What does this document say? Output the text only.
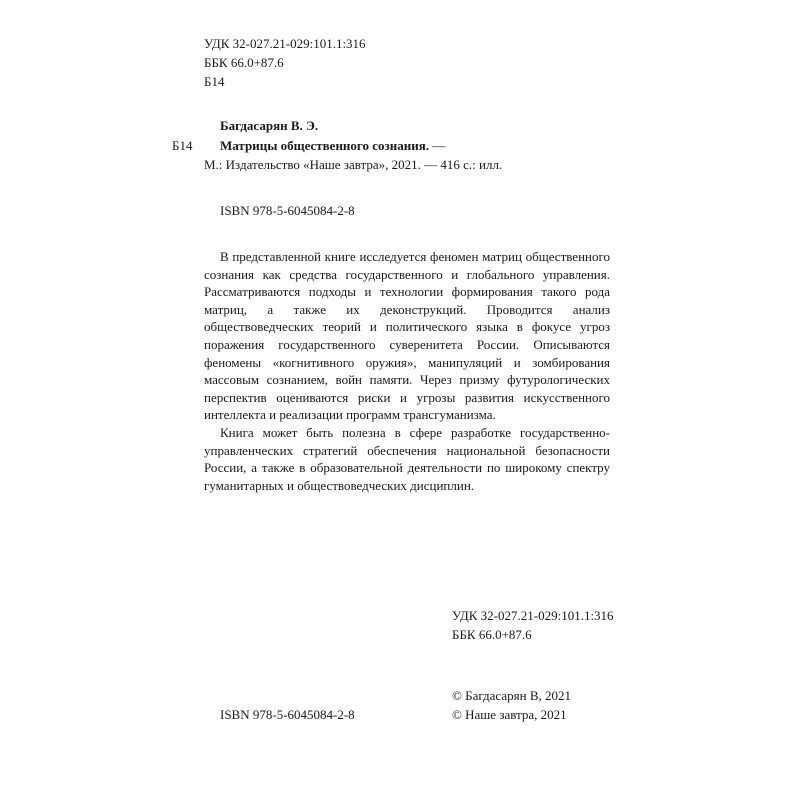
УДК 32-027.21-029:101.1:316
ББК 66.0+87.6
Б14
Багдасарян В. Э.
Б14 Матрицы общественного сознания. —
М.: Издательство «Наше завтра», 2021. — 416 с.: илл.
ISBN 978-5-6045084-2-8

В представленной книге исследуется феномен матриц общественного сознания как средства государственного и глобального управления. Рассматриваются подходы и технологии формирования такого рода матриц, а также их деконструкций. Проводится анализ обществоведческих теорий и политического языка в фокусе угроз поражения государственного суверенитета России. Описываются феномены «когнитивного оружия», манипуляций и зомбирования массовым сознанием, войн памяти. Через призму футурологических перспектив оцениваются риски и угрозы развития искусственного интеллекта и реализации программ трансгуманизма.

Книга может быть полезна в сфере разработке государственно-управленческих стратегий обеспечения национальной безопасности России, а также в образовательной деятельности по широкому спектру гуманитарных и обществоведческих дисциплин.

УДК 32-027.21-029:101.1:316
ББК 66.0+87.6
© Багдасарян В, 2021
ISBN 978-5-6045084-2-8	© Наше завтра, 2021
